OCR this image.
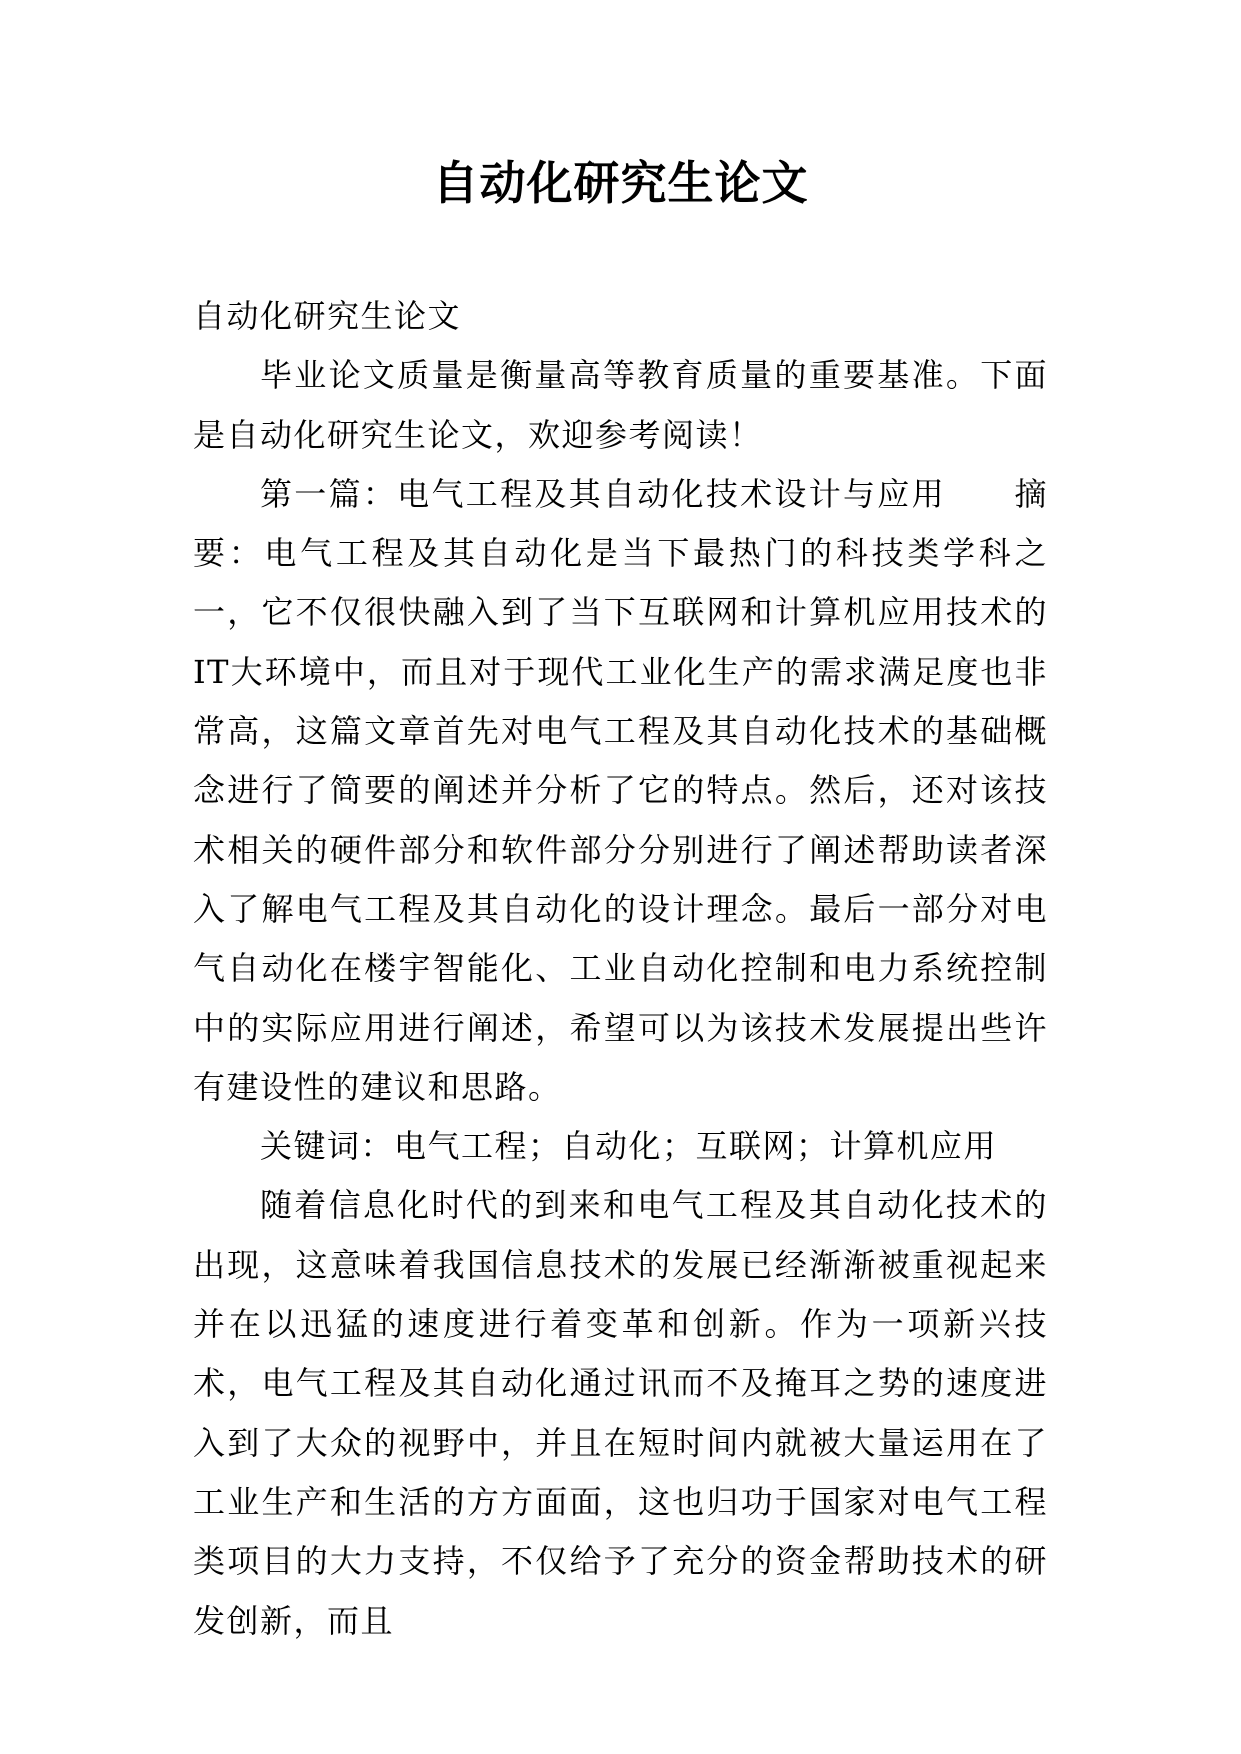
自动化研究生论文

自动化研究生论文

毕业论文质量是衡量高等教育质量的重要基准。下面是自动化研究生论文，欢迎参考阅读！

第一篇：电气工程及其自动化技术设计与应用　　摘要：电气工程及其自动化是当下最热门的科技类学科之一，它不仅很快融入到了当下互联网和计算机应用技术的IT大环境中，而且对于现代工业化生产的需求满足度也非常高，这篇文章首先对电气工程及其自动化技术的基础概念进行了简要的阐述并分析了它的特点。然后，还对该技术相关的硬件部分和软件部分分别进行了阐述帮助读者深入了解电气工程及其自动化的设计理念。最后一部分对电气自动化在楼宇智能化、工业自动化控制和电力系统控制中的实际应用进行阐述，希望可以为该技术发展提出些许有建设性的建议和思路。

关键词：电气工程；自动化；互联网；计算机应用

随着信息化时代的到来和电气工程及其自动化技术的出现，这意味着我国信息技术的发展已经渐渐被重视起来并在以迅猛的速度进行着变革和创新。作为一项新兴技术，电气工程及其自动化通过讯而不及掩耳之势的速度进入到了大众的视野中，并且在短时间内就被大量运用在了工业生产和生活的方方面面，这也归功于国家对电气工程类项目的大力支持，不仅给予了充分的资金帮助技术的研发创新，而且
